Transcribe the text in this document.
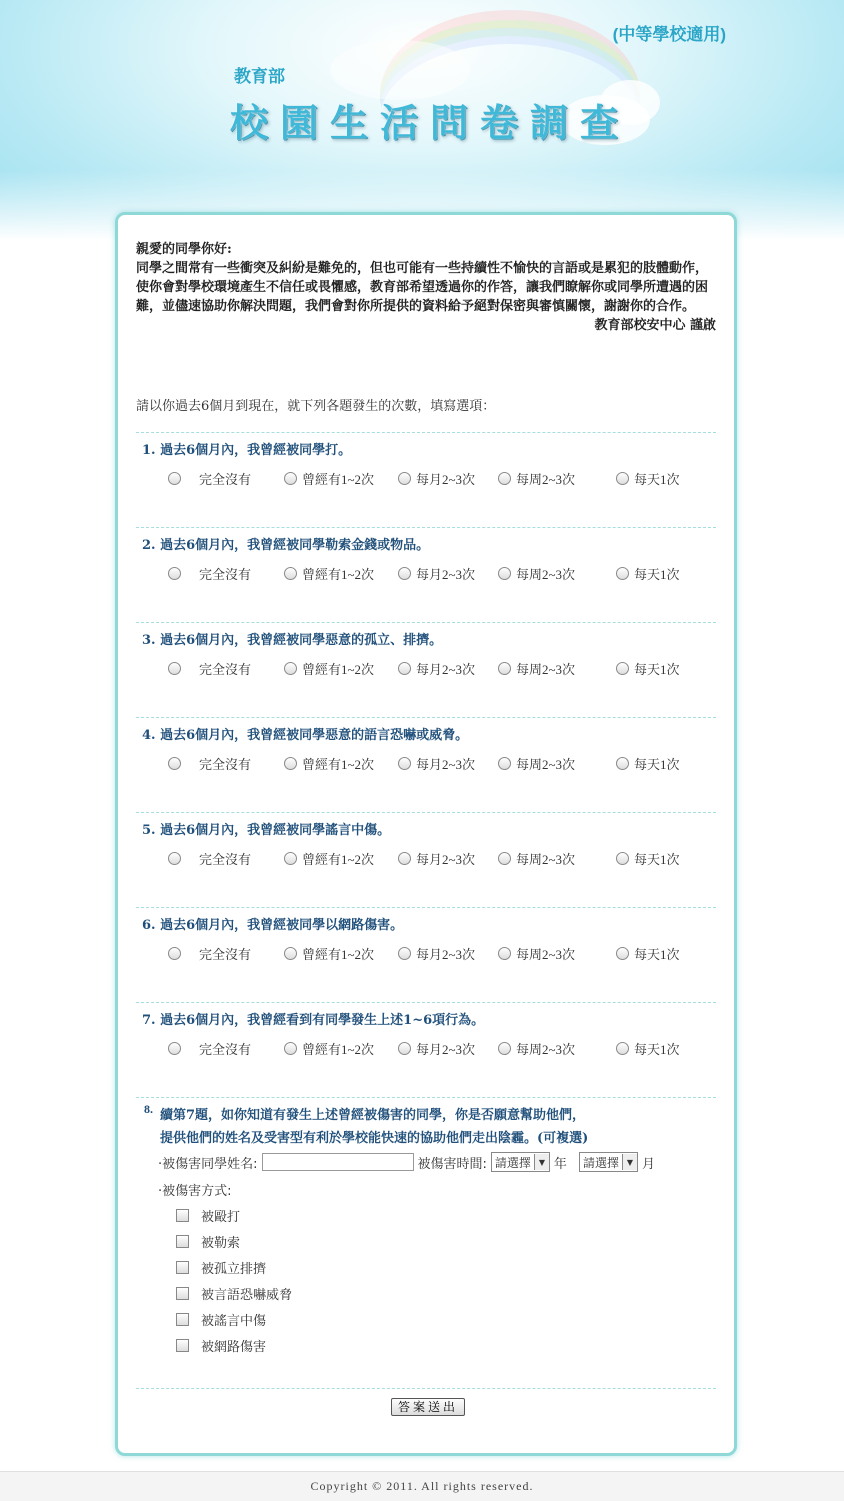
(中等學校適用)
教育部
校園生活問卷調查
親愛的同學你好:
同學之間常有一些衝突及糾紛是難免的，但也可能有一些持續性不愉快的言語或是累犯的肢體動作，使你會對學校環境產生不信任或畏懼感，教育部希望透過你的作答，讓我們瞭解你或同學所遭遇的困難，並儘速協助你解決問題，我們會對你所提供的資料給予絕對保密與審慎關懷，謝謝你的合作。
教育部校安中心 謹啟
請以你過去6個月到現在，就下列各題發生的次數，填寫選項：
1. 過去6個月內，我曾經被同學打。
完全沒有	曾經有1~2次	每月2~3次	每周2~3次	每天1次
2. 過去6個月內，我曾經被同學勒索金錢或物品。
完全沒有	曾經有1~2次	每月2~3次	每周2~3次	每天1次
3. 過去6個月內，我曾經被同學惡意的孤立、排擠。
完全沒有	曾經有1~2次	每月2~3次	每周2~3次	每天1次
4. 過去6個月內，我曾經被同學惡意的語言恐嚇或威脅。
完全沒有	曾經有1~2次	每月2~3次	每周2~3次	每天1次
5. 過去6個月內，我曾經被同學謠言中傷。
完全沒有	曾經有1~2次	每月2~3次	每周2~3次	每天1次
6. 過去6個月內，我曾經被同學以網路傷害。
完全沒有	曾經有1~2次	每月2~3次	每周2~3次	每天1次
7. 過去6個月內，我曾經看到有同學發生上述1~6項行為。
完全沒有	曾經有1~2次	每月2~3次	每周2~3次	每天1次
8. 續第7題，如你知道有發生上述曾經被傷害的同學，你是否願意幫助他們，
提供他們的姓名及受害型有利於學校能快速的協助他們走出陰霾。(可複選)
‧被傷害同學姓名:	被傷害時間: 請選擇 ▼ 年 請選擇 ▼ 月
‧被傷害方式:
被毆打
被勒索
被孤立排擠
被言語恐嚇威脅
被謠言中傷
被網路傷害
答案送出
Copyright © 2011. All rights reserved.
